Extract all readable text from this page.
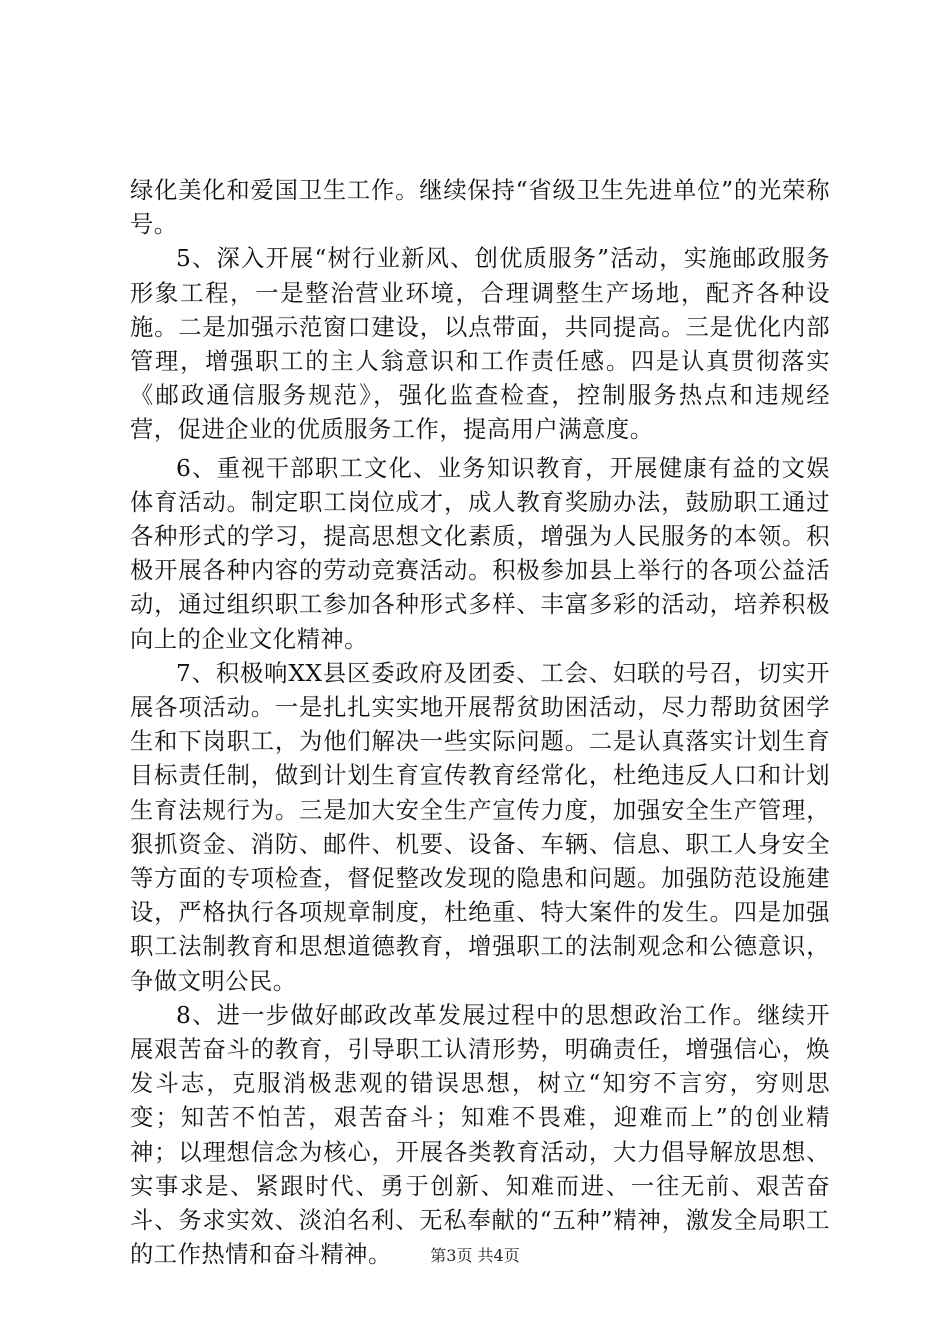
绿化美化和爱国卫生工作。继续保持“省级卫生先进单位”的光荣称号。

5、深入开展“树行业新风、创优质服务”活动，实施邮政服务形象工程，一是整治营业环境，合理调整生产场地，配齐各种设施。二是加强示范窗口建设，以点带面，共同提高。三是优化内部管理，增强职工的主人翁意识和工作责任感。四是认真贯彻落实《邮政通信服务规范》，强化监查检查，控制服务热点和违规经营，促进企业的优质服务工作，提高用户满意度。

6、重视干部职工文化、业务知识教育，开展健康有益的文娱体育活动。制定职工岗位成才，成人教育奖励办法，鼓励职工通过各种形式的学习，提高思想文化素质，增强为人民服务的本领。积极开展各种内容的劳动竞赛活动。积极参加县上举行的各项公益活动，通过组织职工参加各种形式多样、丰富多彩的活动，培养积极向上的企业文化精神。

7、积极响XX县区委政府及团委、工会、妇联的号召，切实开展各项活动。一是扎扎实实地开展帮贫助困活动，尽力帮助贫困学生和下岗职工，为他们解决一些实际问题。二是认真落实计划生育目标责任制，做到计划生育宣传教育经常化，杜绝违反人口和计划生育法规行为。三是加大安全生产宣传力度，加强安全生产管理，狠抓资金、消防、邮件、机要、设备、车辆、信息、职工人身安全等方面的专项检查，督促整改发现的隐患和问题。加强防范设施建设，严格执行各项规章制度，杜绝重、特大案件的发生。四是加强职工法制教育和思想道德教育，增强职工的法制观念和公德意识，争做文明公民。

8、进一步做好邮政改革发展过程中的思想政治工作。继续开展艰苦奋斗的教育，引导职工认清形势，明确责任，增强信心，焕发斗志，克服消极悲观的错误思想，树立“知穷不言穷，穷则思变；知苦不怕苦，艰苦奋斗；知难不畏难，迎难而上”的创业精神；以理想信念为核心，开展各类教育活动，大力倡导解放思想、实事求是、紧跟时代、勇于创新、知难而进、一往无前、艰苦奋斗、务求实效、淡泊名利、无私奉献的“五种”精神，激发全局职工的工作热情和奋斗精神。	第3页 共4页
